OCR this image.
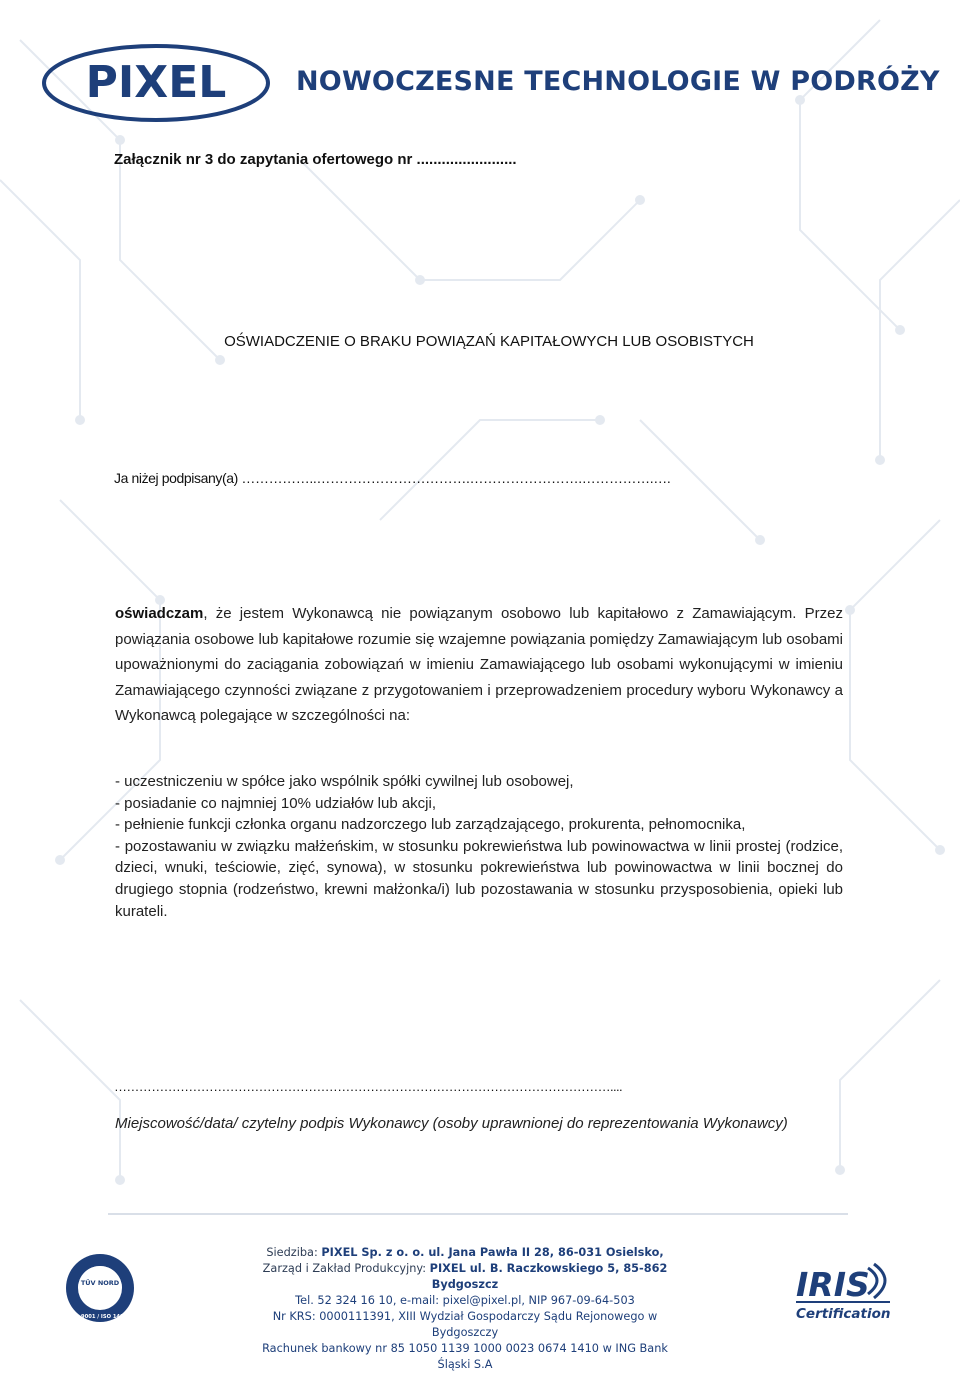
PIXEL	NOWOCZESNE TECHNOLOGIE W PODRÓŻY
Załącznik nr 3 do zapytania ofertowego nr ........................
OŚWIADCZENIE O BRAKU POWIĄZAŃ KAPITAŁOWYCH LUB OSOBISTYCH
Ja niżej podpisany(a) ……………..…………………………….…………………….…………….….

oświadczam, że jestem Wykonawcą nie powiązanym osobowo lub kapitałowo z Zamawiającym. Przez powiązania osobowe lub kapitałowe rozumie się wzajemne powiązania pomiędzy Zamawiającym lub osobami upoważnionymi do zaciągania zobowiązań w imieniu Zamawiającego lub osobami wykonującymi w imieniu Zamawiającego czynności związane z przygotowaniem i przeprowadzeniem procedury wyboru Wykonawcy a Wykonawcą polegające w szczególności na:

- uczestniczeniu w spółce jako wspólnik spółki cywilnej lub osobowej,
- posiadanie co najmniej 10% udziałów lub akcji,
- pełnienie funkcji członka organu nadzorczego lub zarządzającego, prokurenta, pełnomocnika,
- pozostawaniu w związku małżeńskim, w stosunku pokrewieństwa lub powinowactwa w linii prostej (rodzice, dzieci, wnuki, teściowie, zięć, synowa), w stosunku pokrewieństwa lub powinowactwa w linii bocznej do drugiego stopnia (rodzeństwo, krewni małżonka/i) lub pozostawania w stosunku przysposobienia, opieki lub kurateli.
…………………………………………………………………………………………………………....

Miejscowość/data/ czytelny podpis Wykonawcy (osoby uprawnionej do reprezentowania Wykonawcy)

TÜV NORD
ISO 9001 / ISO 14001
Siedziba: PIXEL Sp. z o. o. ul. Jana Pawła II 28, 86-031 Osielsko,
Zarząd i Zakład Produkcyjny: PIXEL ul. B. Raczkowskiego 5, 85-862 Bydgoszcz
Tel. 52 324 16 10, e-mail: pixel@pixel.pl, NIP 967-09-64-503
Nr KRS: 0000111391, XIII Wydział Gospodarczy Sądu Rejonowego w Bydgoszczy
Rachunek bankowy nr 85 1050 1139 1000 0023 0674 1410 w ING Bank Śląski S.A
IRIS
Certification
